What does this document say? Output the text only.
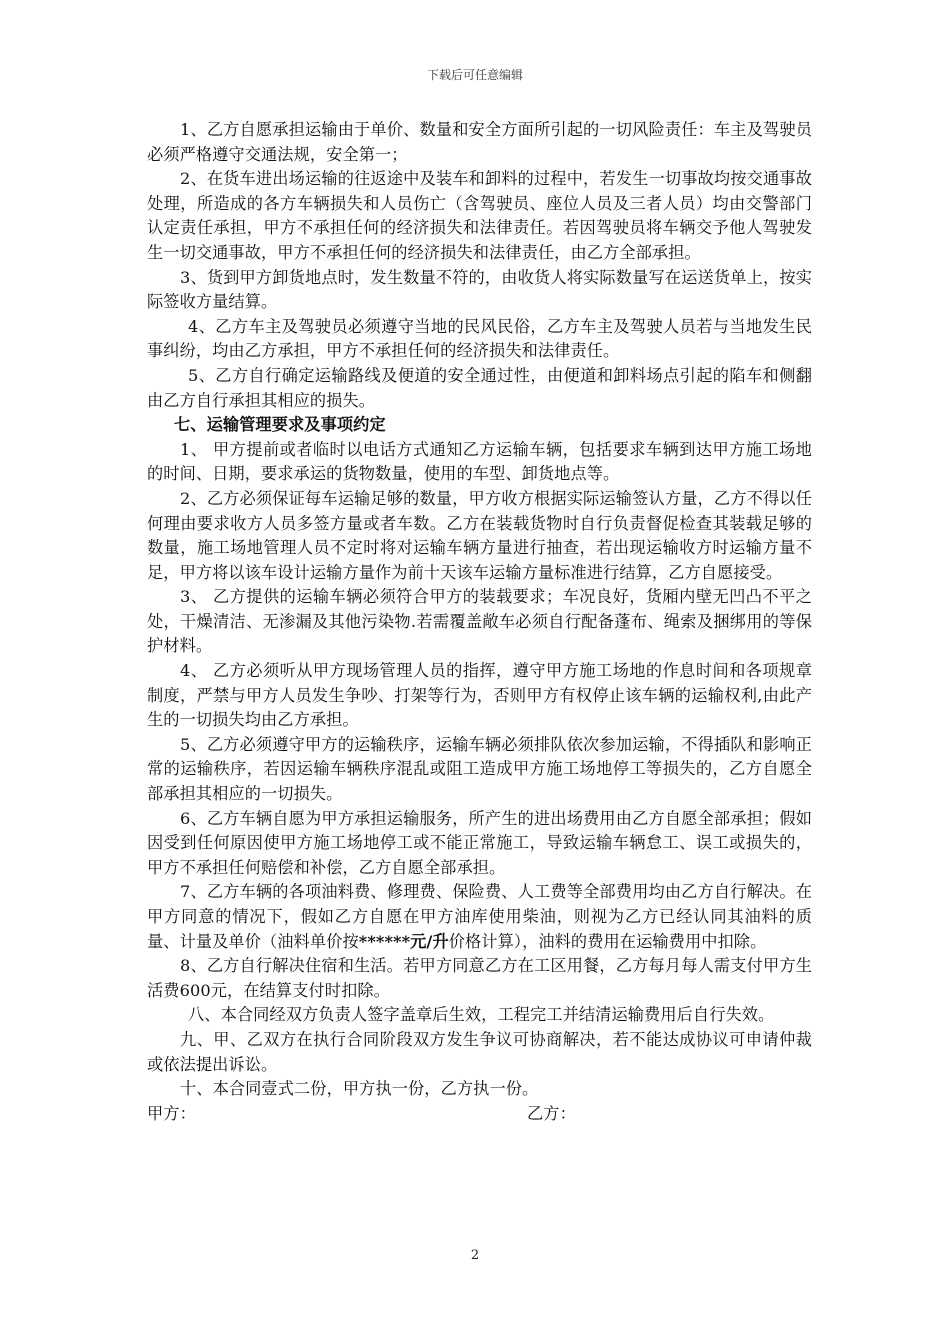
下载后可任意编辑

1、乙方自愿承担运输由于单价、数量和安全方面所引起的一切风险责任：车主及驾驶员必须严格遵守交通法规，安全第一；

2、在货车进出场运输的往返途中及装车和卸料的过程中，若发生一切事故均按交通事故处理，所造成的各方车辆损失和人员伤亡（含驾驶员、座位人员及三者人员）均由交警部门认定责任承担，甲方不承担任何的经济损失和法律责任。若因驾驶员将车辆交予他人驾驶发生一切交通事故，甲方不承担任何的经济损失和法律责任，由乙方全部承担。

3、货到甲方卸货地点时，发生数量不符的，由收货人将实际数量写在运送货单上，按实际签收方量结算。

4、乙方车主及驾驶员必须遵守当地的民风民俗，乙方车主及驾驶人员若与当地发生民事纠纷，均由乙方承担，甲方不承担任何的经济损失和法律责任。

5、乙方自行确定运输路线及便道的安全通过性，由便道和卸料场点引起的陷车和侧翻由乙方自行承担其相应的损失。

七、运输管理要求及事项约定

1、 甲方提前或者临时以电话方式通知乙方运输车辆，包括要求车辆到达甲方施工场地的时间、日期，要求承运的货物数量，使用的车型、卸货地点等。

2、乙方必须保证每车运输足够的数量，甲方收方根据实际运输签认方量，乙方不得以任何理由要求收方人员多签方量或者车数。乙方在装载货物时自行负责督促检查其装载足够的数量，施工场地管理人员不定时将对运输车辆方量进行抽查，若出现运输收方时运输方量不足，甲方将以该车设计运输方量作为前十天该车运输方量标准进行结算，乙方自愿接受。

3、 乙方提供的运输车辆必须符合甲方的装载要求；车况良好，货厢内壁无凹凸不平之处，干燥清洁、无渗漏及其他污染物.若需覆盖敞车必须自行配备蓬布、绳索及捆绑用的等保护材料。

4、 乙方必须听从甲方现场管理人员的指挥，遵守甲方施工场地的作息时间和各项规章制度，严禁与甲方人员发生争吵、打架等行为，否则甲方有权停止该车辆的运输权利,由此产生的一切损失均由乙方承担。

5、乙方必须遵守甲方的运输秩序，运输车辆必须排队依次参加运输，不得插队和影响正常的运输秩序，若因运输车辆秩序混乱或阻工造成甲方施工场地停工等损失的，乙方自愿全部承担其相应的一切损失。

6、乙方车辆自愿为甲方承担运输服务，所产生的进出场费用由乙方自愿全部承担；假如因受到任何原因使甲方施工场地停工或不能正常施工，导致运输车辆怠工、误工或损失的，甲方不承担任何赔偿和补偿，乙方自愿全部承担。

7、乙方车辆的各项油料费、修理费、保险费、人工费等全部费用均由乙方自行解决。在甲方同意的情况下，假如乙方自愿在甲方油库使用柴油，则视为乙方已经认同其油料的质量、计量及单价（油料单价按******元/升价格计算），油料的费用在运输费用中扣除。

8、乙方自行解决住宿和生活。若甲方同意乙方在工区用餐，乙方每月每人需支付甲方生活费600元，在结算支付时扣除。

八、本合同经双方负责人签字盖章后生效，工程完工并结清运输费用后自行失效。

九、甲、乙双方在执行合同阶段双方发生争议可协商解决，若不能达成协议可申请仲裁或依法提出诉讼。

十、本合同壹式二份，甲方执一份，乙方执一份。

甲方：	乙方：
2
